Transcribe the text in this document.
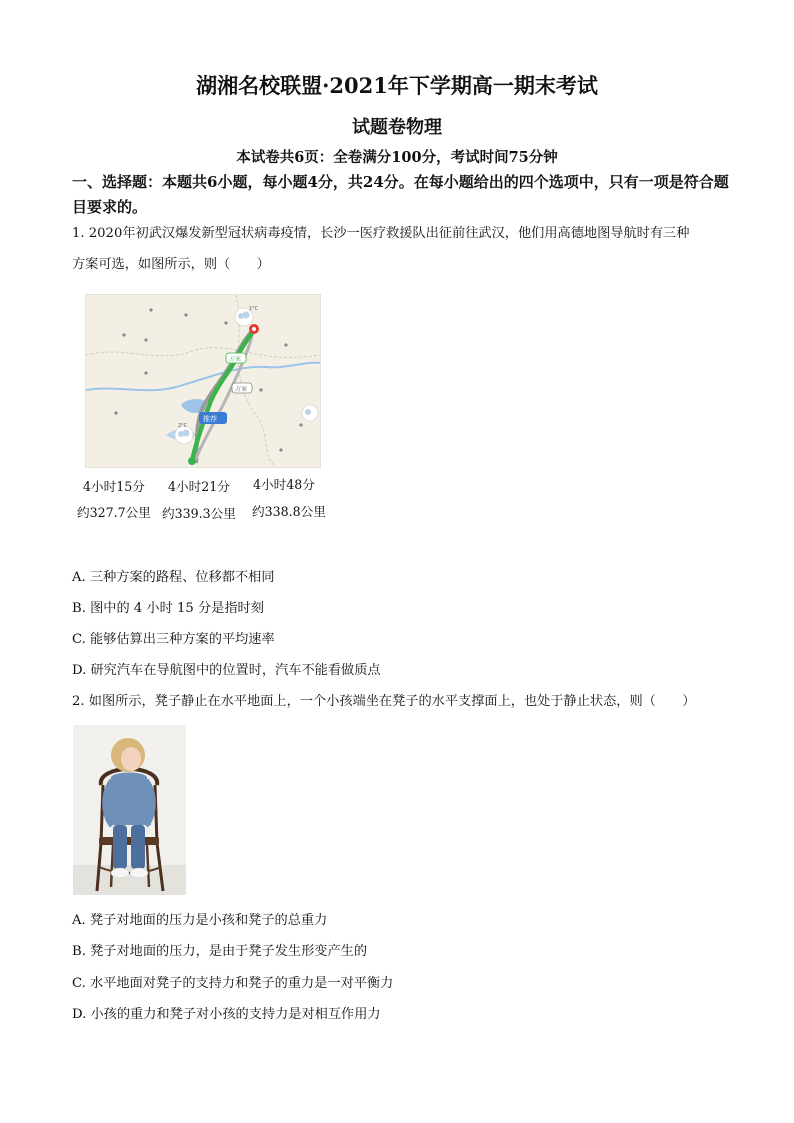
湖湘名校联盟·2021年下学期高一期末考试
试题卷物理
本试卷共6页：全卷满分100分，考试时间75分钟
一、选择题：本题共6小题，每小题4分，共24分。在每小题给出的四个选项中，只有一项是符合题目要求的。
1. 2020年初武汉爆发新型冠状病毒疫情，长沙一医疗救援队出征前往武汉，他们用高德地图导航时有三种
方案可选，如图所示，则（　　）
推荐
方案
方案
1°C
2°C
4小时15分 4小时21分 4小时48分
约327.7公里 约339.3公里 约338.8公里
A. 三种方案的路程、位移都不相同
B. 图中的 4 小时 15 分是指时刻
C. 能够估算出三种方案的平均速率
D. 研究汽车在导航图中的位置时，汽车不能看做质点
2. 如图所示，凳子静止在水平地面上，一个小孩端坐在凳子的水平支撑面上，也处于静止状态，则（　　）
A. 凳子对地面的压力是小孩和凳子的总重力
B. 凳子对地面的压力，是由于凳子发生形变产生的
C. 水平地面对凳子的支持力和凳子的重力是一对平衡力
D. 小孩的重力和凳子对小孩的支持力是对相互作用力
